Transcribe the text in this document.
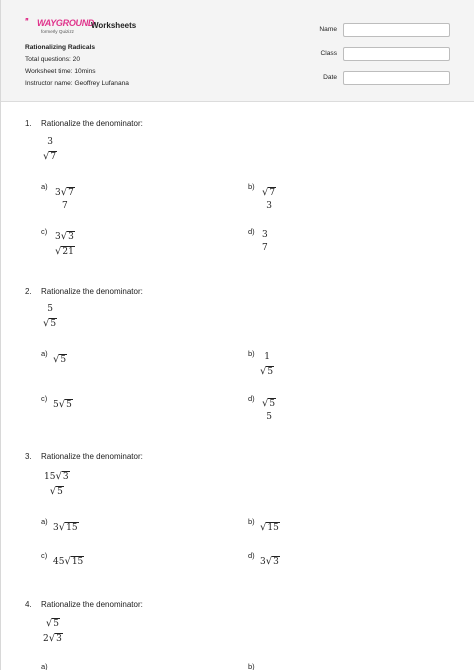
′ʹ WAYGROUND
formerly Quizizz
Worksheets
Rationalizing Radicals
Total questions: 20
Worksheet time: 10mins
Instructor name: Geoffrey Lufanana
Name
Class
Date
1. Rationalize the denominator:
3
√ 7
a)
3 √ 7
7
b)
√ 7
3
c)
3 √ 3
√ 21
d) 3
7
2. Rationalize the denominator:
5
√ 5
a)
√ 5
b) 1
√ 5
c)
5 √ 5
d) √ 5
5
3. Rationalize the denominator:
15 √ 3
√ 5
a)
3 √ 15
b)
√ 15
c)
45 √ 15
d)
3 √ 3
4. Rationalize the denominator:
√ 5
2 √ 3
a)	b)
